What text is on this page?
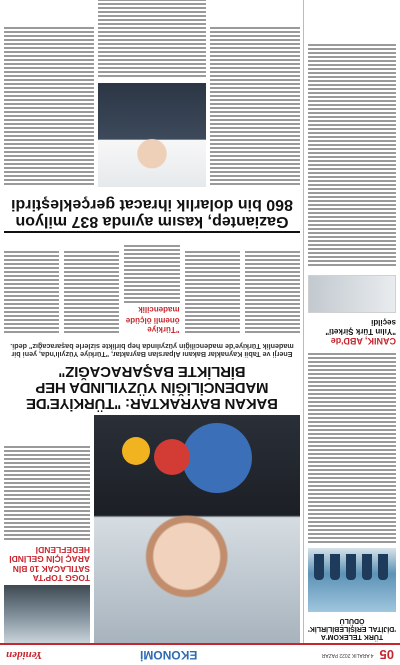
05
4 ARALIK 2022 PAZAR
EKONOMİ
Yeniden
TÜRK TELEKOM'A 'DİJİTAL ERİŞİLEBİLİRLİK' ÖDÜLÜ
CANIK, ABD'de
"Yılın Türk Şirketi" seçildi
TOGG TOP'TA SATILACAK 10 BİN ARAÇ İÇİN GELİNDİ HEDEFLENDİ
BAKAN BAYRAKTAR: "TÜRKİYE'DE MADENCİLİĞİN YÜZYILINDA HEP BİRLİKTE BAŞARACAĞIZ"
Enerji ve Tabii Kaynaklar Bakanı Alparslan Bayraktar, "Türkiye Yüzyılı'nda, yeni bir madenlik Türkiye'de madenciliğin yüzyılında hep birlikte sizlerle başaracağız" dedi.
"Türkiye önemli ölçüde
madencilik
Gaziantep, kasım ayında 837 milyon 860 bin dolarlık ihracat gerçekleştirdi
